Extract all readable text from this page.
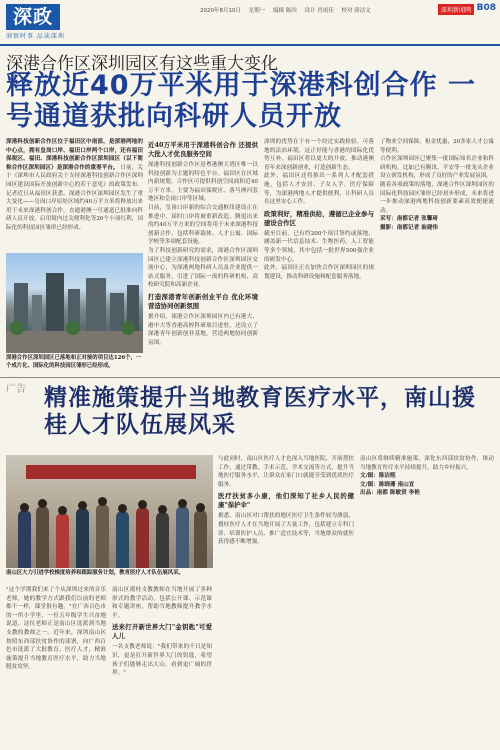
深政
洞察时事 品读深圳
2020年8月10日 星期一 编辑 陈四 设计 肖雨佳 校对 薛洁文	深圳新闻网 B08
深港合作区深圳园区有这些重大变化
释放近40万平米用于深港科创合作 一号通道获批向科研人员开放
深港科技创新合作区位于福田区中南部，是深港两地的中心点，拥有皇岗口岸、福田口岸两个口岸，还有福田保税区、福田、深港科技创新合作区深圳园区（以下简称合作区深圳园区）是深港合作的重要平台。 日前，关于《深圳市人民政府关于支持深港科技创新合作区深圳园区建设国际开放创新中心的若干意见》的政策发布。记者近日从福田区获悉，深港合作区深圳园区发生了重大变化——皇岗口岸原址区域约40万平方米将释放出来用于未来深港科创合作，直通港澳一号通道已批准向科研人员开放，启用境内过关便利化等26个小项红利，国际化的科技园区雏形已经形成。
深港合作区深圳园区已落地和正对接的项目达126个，一个成片化、国际化的科技园区雏形已经形成。
近40万平米用于深港科创合作 还提供大批人才优良服务空间
深港科技创新合作区是粤港澳大湾区唯一以科技创新为主题的特色平台。福田区在区域内新规划，合作区可提供科创空间面积近40万平方米，主要为福田保税区、落马洲河套地区和皇岗口岸等区域。
目前，皇岗口岸新的综合交通枢纽建设正在推进中，届时口岸将被重新改造，腾退出来的约40万平方米的空间将用于未来深港科技创新合作，包括科研载体、人才公寓、国际学校等多项配套设施。
为了科技创新研究的需求，深港合作区深圳园区已建立深港科技创新合作区深圳园区交流中心，为深港两地科研人员及企业提供一站式服务，引进了国际一流的科研机构、高校研究院和高新企业。
打造深港青年创新创业平台 优化环境营造协同创新氛围
据介绍，深港合作区深圳园区内已有港大、港中大等香港高校科研项目进驻，还设立了深港青年创新创业基地，营造两地协同创新氛围。
深圳的优势在于有一个经过实践检验、可落地的法治环境，这正好能与香港的国际化优势互补。福田区将以更大的开放，推动港澳青年来深创新创业，打造创新生态。
此外，福田区还将推出一系列人才配套措施，包括人才安居、子女入学、医疗保障等，为深港两地人才提供便利，让科研人员在这里安心工作。
政策利好，精准供给，遵循已企业参与建设合作区
截至目前，已有约200个项目签约或落地，涵盖新一代信息技术、生物医药、人工智能等多个领域，其中包括一批世界500强企业的研发中心。
此外，福田区正在加快合作区深圳园区的规划建设，推动科研设施和配套服务落地。
了物业空间保障，租金优惠，20多家人才公寓等便利。
合作区深圳园区已聚集一批国际知名企业和科研机构，比如已有腾讯、平安等一批龙头企业设立研发机构，形成了良好的产业发展氛围。
随着各项政策的落地，深港合作区深圳园区的国际化科技园区雏形已经初步形成，未来将进一步推动深港两地科技创新要素高效便捷流动。
采写：南都记者 张馨琦
摄影：南都记者 翁建伟
广告 精准施策提升当地教育医疗水平，南山援桂人才队伍展风采
南山区大力引进学校梯度培养和跟踪服务计划，教育医疗人才队伍展风采。
"这个学期我们来了个从深圳过来的音乐老师，她的教学方式跟我们以前的老师都不一样，课堂很有趣。"在广西百色市的一所小学里，一位五年级学生兴奋地说道。这位老师正是南山区选派到当地支教的教师之一。近年来，深圳南山区按照东西部扶贫协作的部署，向广西百色市选派了大批教育、医疗人才，精准施策提升当地教育医疗水平，助力当地脱贫攻坚。
南山区援桂支教教师在当地开展了多种形式的教学活动，包括公开课、示范课和专题讲座，帮助当地教师提升教学水平。
送来打开新世界大门"金钥匙"可爱人儿
一名支教老师说："我们带来的不只是知识，更是打开新世界大门的钥匙，希望孩子们能够走出大山，看到更广阔的世界。"
与此同时，南山区医疗人才也深入当地医院，开展帮扶工作，通过带教、手术示范、学术交流等方式，提升当地医疗服务水平，让群众在家门口就能享受到优质医疗服务。
医疗扶贫多小康，他们深知了社乡人民的健康"保护伞"
据悉，南山区对口帮扶的地区医疗卫生条件较为薄弱，援桂医疗人才在当地开展了大量工作，包括建立专科门诊、培训医护人员、推广适宜技术等，当地群众的就医获得感不断增强。
南山区将继续精准施策，深化东西部扶贫协作，推动当地教育医疗水平持续提升，助力乡村振兴。
文/图：陈洁熙
文/图：陈晓珊 南山宣
出品：南都 陈敏贤 李艳
